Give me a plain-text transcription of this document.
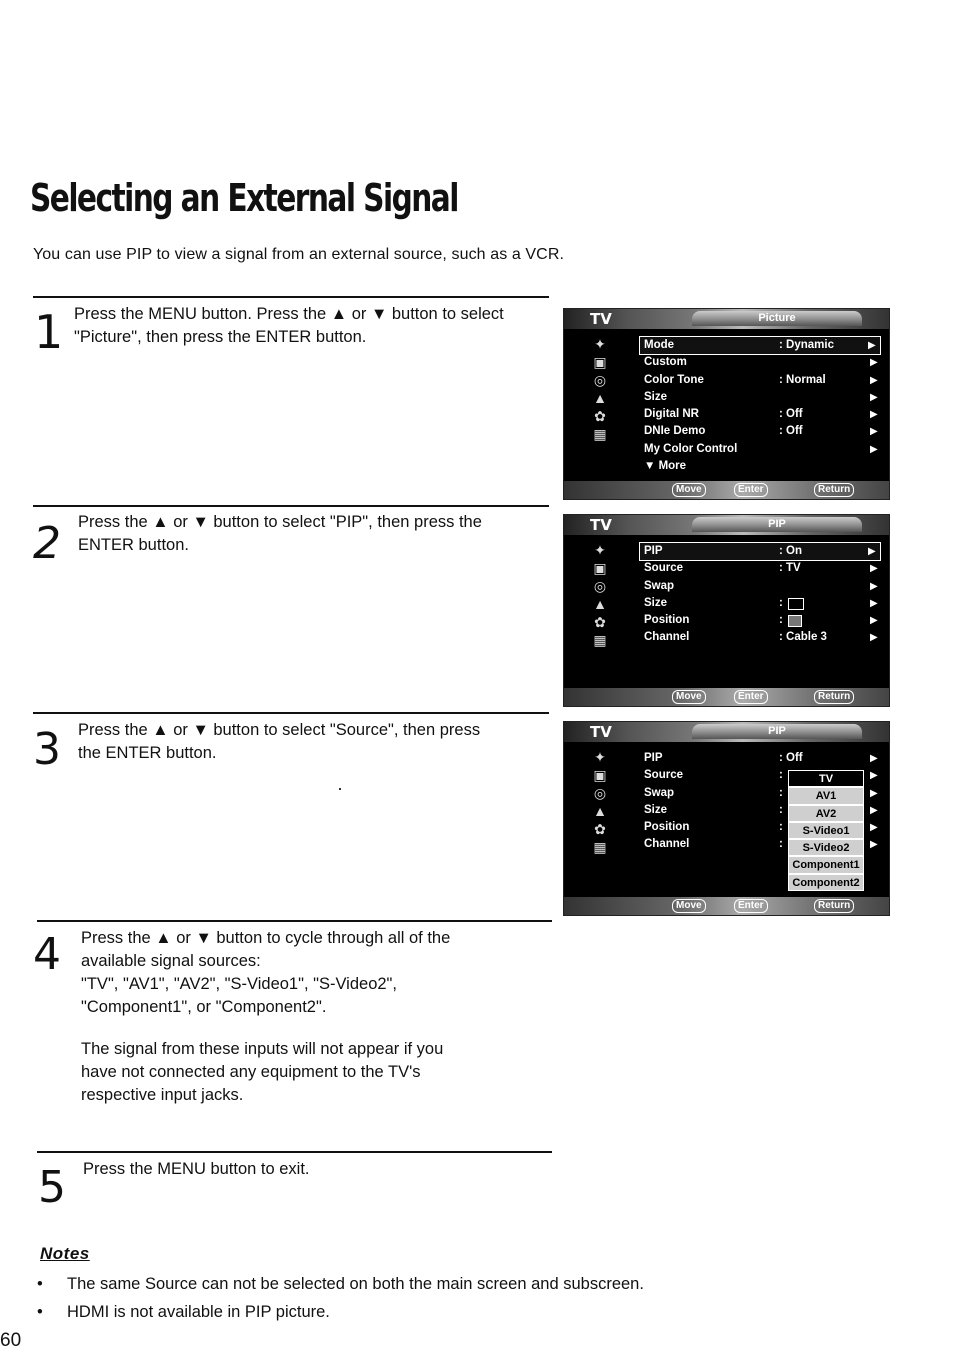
Selecting an External Signal
You can use PIP to view a signal from an external source, such as a VCR.
1 Press the MENU button. Press the ▲ or ▼ button to select

"Picture", then press the ENTER button.

TV	Picture
✦
▣
◎
▲
✿
▦
Mode	: Dynamic	▶
Custom	▶
Color Tone	: Normal	▶
Size	▶
Digital NR	: Off	▶
DNIe Demo	: Off	▶
My Color Control	▶
▼ More
Move	Enter	Return
2 Press the ▲ or ▼ button to select "PIP", then press the

ENTER button.

TV	PIP
✦
▣
◎
▲
✿
▦
PIP	: On	▶
Source	: TV	▶
Swap	▶
Size	:	▶
Position	:	▶
Channel	: Cable 3	▶
Move	Enter	Return
3 Press the ▲ or ▼ button to select "Source", then press

the ENTER button.

TV	PIP
✦
▣
◎
▲
✿
▦
PIP	: Off	▶
Source	:	▶
Swap	:	▶
Size	:	▶
Position	:	▶
Channel	:	▶
TV
AV1
AV2
S-Video1
S-Video2
Component1
Component2
Move	Enter	Return
4 Press the ▲ or ▼ button to cycle through all of the

available signal sources:

"TV", "AV1", "AV2", "S-Video1", "S-Video2",

"Component1", or "Component2".

The signal from these inputs will not appear if you

have not connected any equipment to the TV's

respective input jacks.

5 Press the MENU button to exit.

Notes
• The same Source can not be selected on both the main screen and subscreen.
• HDMI is not available in PIP picture.
60
